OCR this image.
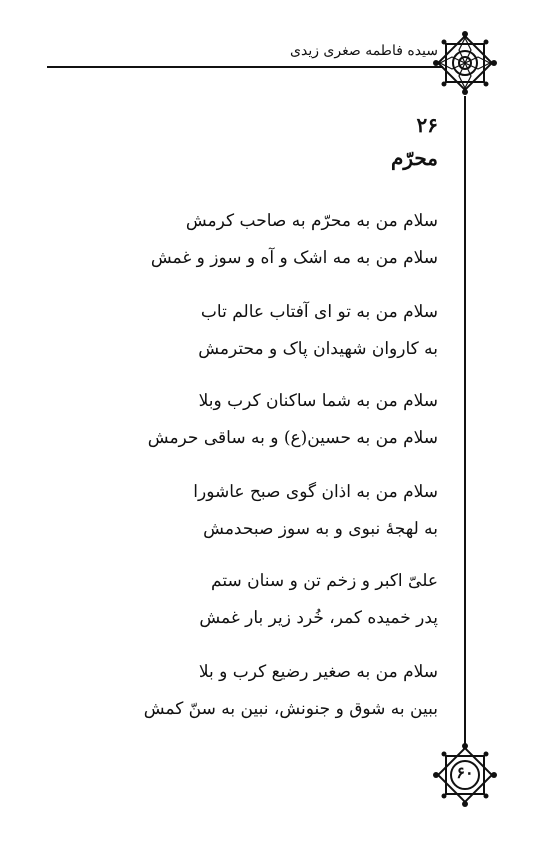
سیده فاطمه صغری زیدی
۶۰
۲۶
محرّم
سلام من به محرّم به صاحب کرمش
سلام من به مه اشک و آه و سوز و غمش
سلام من به تو ای آفتاب عالم تاب
به کاروان شهیدان پاک و محترمش
سلام من به شما ساکنان کرب وبلا
سلام من به حسین(ع) و به ساقی حرمش
سلام من به اذان گوی صبح عاشورا
به لهجهٔ نبوی و به سوز صبحدمش
علیّ اکبر و زخم تن و سنان ستم
پدر خمیده کمر، خُرد زیر بار غمش
سلام من به صغیر رضیع کرب و بلا
ببین به شوق و جنونش، نبین به سنّ کمش
